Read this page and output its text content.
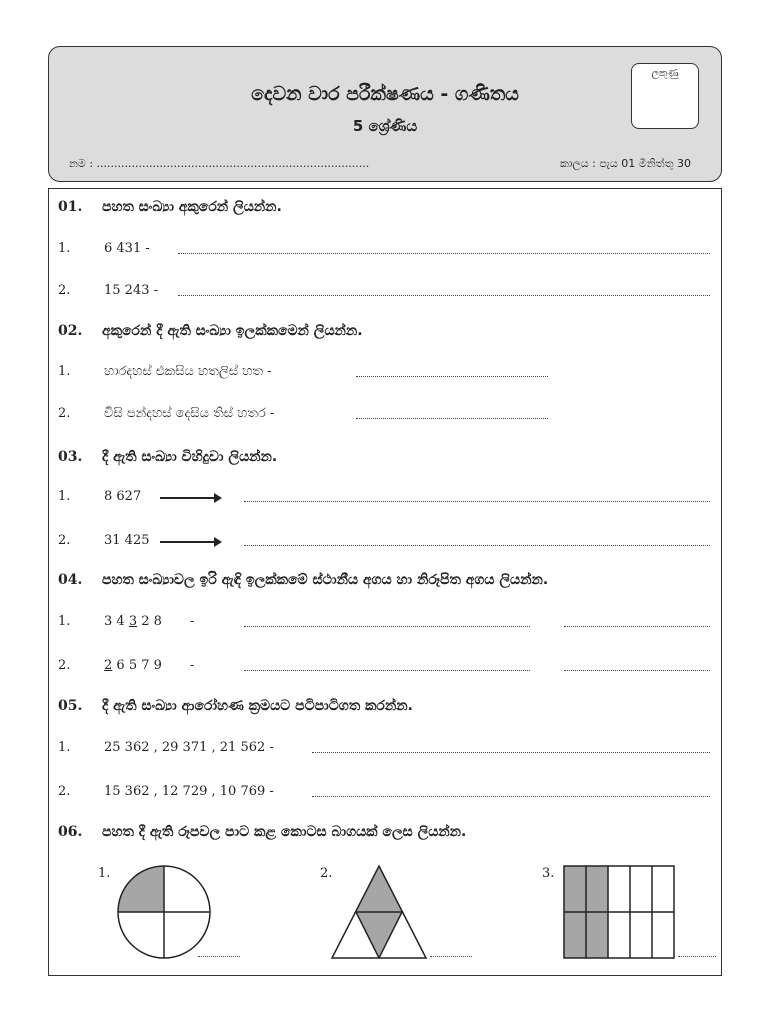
දෙවන වාර පරීක්ෂණය - ගණිතය
5 ශ්‍රේණිය
ලකුණු
නම : ..............................................................................	කාලය : පැය 01 මිනිත්තු 30
01. පහත සංඛ්‍යා අකුරෙන් ලියන්න.
1.	6 431 -
2.	15 243 -
02. අකුරෙන් දී ඇති සංඛ්‍යා ඉලක්කමෙන් ලියන්න.
1.	හාරදහස් එකසිය හතලිස් හත -
2.	විසි පන්දහස් දෙසිය තිස් හතර -
03. දී ඇති සංඛ්‍යා විහිදුවා ලියන්න.
1.	8 627
2.	31 425
04. පහත සංඛ්‍යාවල ඉරි ඇඳි ඉලක්කමේ ස්ථානීය අගය හා නිරූපිත අගය ලියන්න.
1.	3 4 3 2 8 -
2.	2 6 5 7 9 -
05. දී ඇති සංඛ්‍යා ආරෝහණ ක්‍රමයට පටිපාටිගත කරන්න.
1.	25 362 , 29 371 , 21 562 -
2.	15 362 , 12 729 , 10 769 -
06. පහත දී ඇති රූපවල පාට කළ කොටස බාගයක් ලෙස ලියන්න.
1.	2.	3.
